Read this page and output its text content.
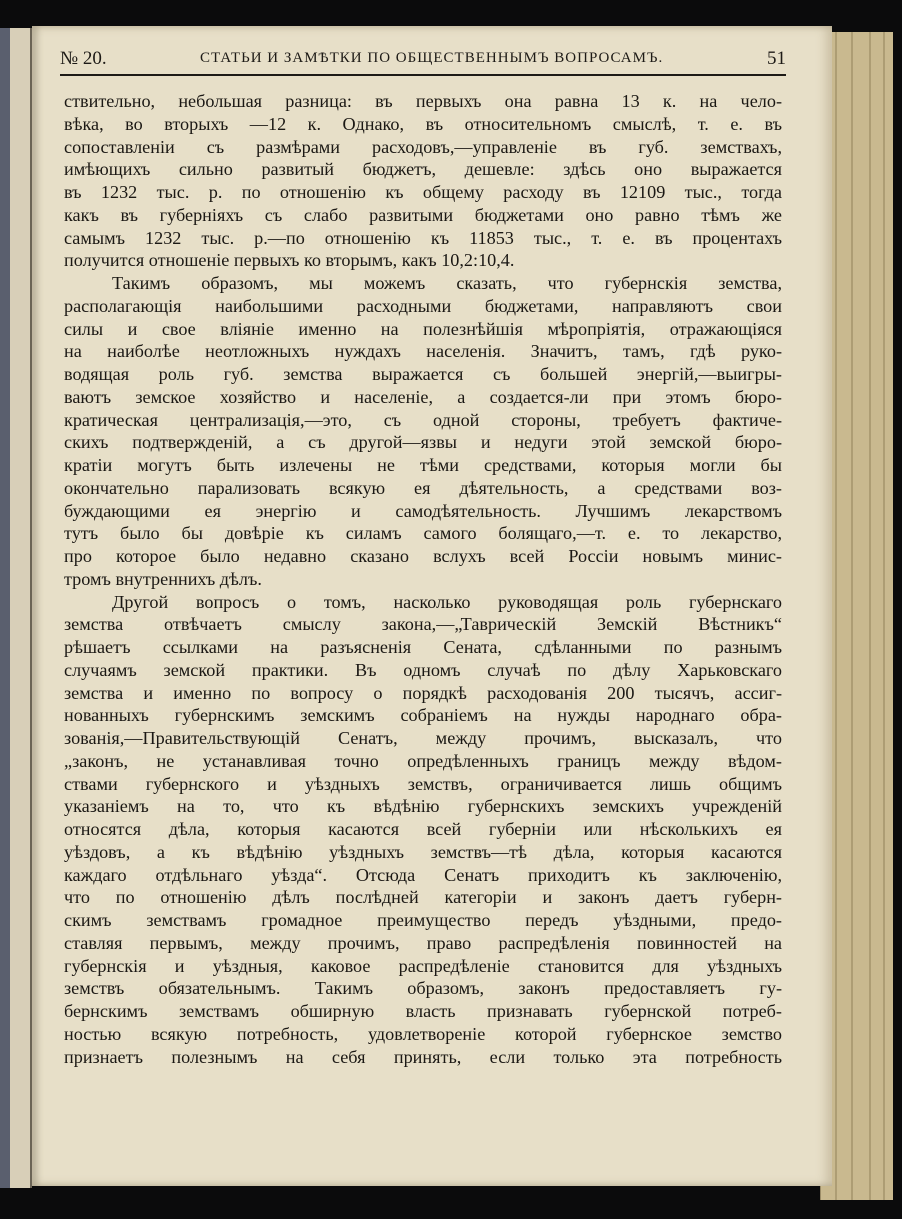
№ 20.	СТАТЬИ И ЗАМѢТКИ ПО ОБЩЕСТВЕННЫМЪ ВОПРОСАМЪ.	51
ствительно, небольшая разница: въ первыхъ она равна 13 к. на чело-
вѣка, во вторыхъ —12 к. Однако, въ относительномъ смыслѣ, т. е. въ
сопоставленіи съ размѣрами расходовъ,—управленіе въ губ. земствахъ,
имѣющихъ сильно развитый бюджетъ, дешевле: здѣсь оно выражается
въ 1232 тыс. р. по отношенію къ общему расходу въ 12109 тыс., тогда
какъ въ губерніяхъ съ слабо развитыми бюджетами оно равно тѣмъ же
самымъ 1232 тыс. р.—по отношенію къ 11853 тыс., т. е. въ процентахъ
получится отношеніе первыхъ ко вторымъ, какъ 10,2:10,4.
Такимъ образомъ, мы можемъ сказать, что губернскія земства,
располагающія наибольшими расходными бюджетами, направляютъ свои
силы и свое вліяніе именно на полезнѣйшія мѣропріятія, отражающіяся
на наиболѣе неотложныхъ нуждахъ населенія. Значитъ, тамъ, гдѣ руко-
водящая роль губ. земства выражается съ большей энергій,—выигры-
ваютъ земское хозяйство и населеніе, а создается-ли при этомъ бюро-
кратическая централизація,—это, съ одной стороны, требуетъ фактиче-
скихъ подтвержденій, а съ другой—язвы и недуги этой земской бюро-
кратіи могутъ быть излечены не тѣми средствами, которыя могли бы
окончательно парализовать всякую ея дѣятельность, а средствами воз-
буждающими ея энергію и самодѣятельность. Лучшимъ лекарствомъ
тутъ было бы довѣріе къ силамъ самого болящаго,—т. е. то лекарство,
про которое было недавно сказано вслухъ всей Россіи новымъ минис-
тромъ внутреннихъ дѣлъ.
Другой вопросъ о томъ, насколько руководящая роль губернскаго
земства отвѣчаетъ смыслу закона,—„Таврическій Земскій Вѣстникъ“
рѣшаетъ ссылками на разъясненія Сената, сдѣланными по разнымъ
случаямъ земской практики. Въ одномъ случаѣ по дѣлу Харьковскаго
земства и именно по вопросу о порядкѣ расходованія 200 тысячъ, ассиг-
нованныхъ губернскимъ земскимъ собраніемъ на нужды народнаго обра-
зованія,—Правительствующій Сенатъ, между прочимъ, высказалъ, что
„законъ, не устанавливая точно опредѣленныхъ границъ между вѣдом-
ствами губернского и уѣздныхъ земствъ, ограничивается лишь общимъ
указаніемъ на то, что къ вѣдѣнію губернскихъ земскихъ учрежденій
относятся дѣла, которыя касаются всей губерніи или нѣсколькихъ ея
уѣздовъ, а къ вѣдѣнію уѣздныхъ земствъ—тѣ дѣла, которыя касаются
каждаго отдѣльнаго уѣзда“. Отсюда Сенатъ приходитъ къ заключенію,
что по отношенію дѣлъ послѣдней категоріи и законъ даетъ губерн-
скимъ земствамъ громадное преимущество передъ уѣздными, предо-
ставляя первымъ, между прочимъ, право распредѣленія повинностей на
губернскія и уѣздныя, каковое распредѣленіе становится для уѣздныхъ
земствъ обязательнымъ. Такимъ образомъ, законъ предоставляетъ гу-
бернскимъ земствамъ обширную власть признавать губернской потреб-
ностью всякую потребность, удовлетвореніе которой губернское земство
признаетъ полезнымъ на себя принять, если только эта потребность
